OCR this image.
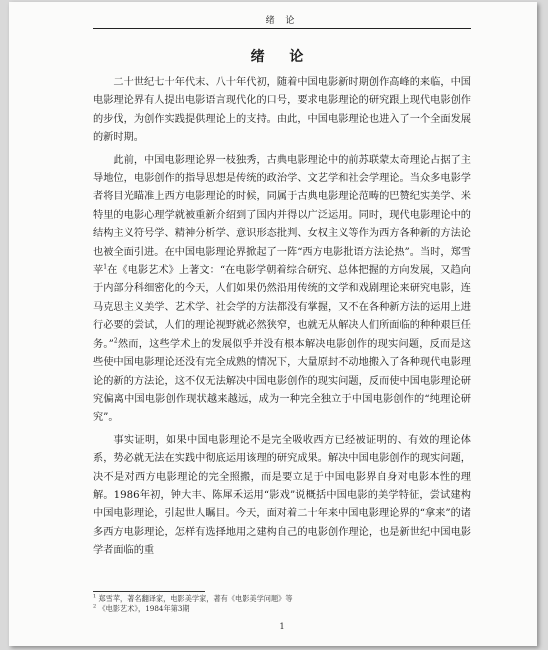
绪 论
绪 论

二十世纪七十年代末、八十年代初，随着中国电影新时期创作高峰的来临，中国电影理论界有人提出电影语言现代化的口号，要求电影理论的研究跟上现代电影创作的步伐，为创作实践提供理论上的支持。由此，中国电影理论也进入了一个全面发展的新时期。

此前，中国电影理论界一枝独秀，古典电影理论中的前苏联蒙太奇理论占据了主导地位，电影创作的指导思想是传统的政治学、文艺学和社会学理论。当众多电影学者将目光瞄准上西方电影理论的时候，同属于古典电影理论范畴的巴赞纪实美学、米特里的电影心理学就被重新介绍到了国内并得以广泛运用。同时，现代电影理论中的结构主义符号学、精神分析学、意识形态批判、女权主义等作为西方各种新的方法论也被全面引进。在中国电影理论界掀起了一阵“西方电影批语方法论热”。当时，郑雪苹$^1$在《电影艺术》上著文：“在电影学朝着综合研究、总体把握的方向发展，又趋向于内部分科细密化的今天，人们如果仍然沿用传统的文学和戏剧理论来研究电影，连马克思主义美学、艺术学、社会学的方法都没有掌握，又不在各种新方法的运用上进行必要的尝试，人们的理论视野就必然狭窄，也就无从解决人们所面临的种种艰巨任务。”$^2$然而，这些学术上的发展似乎并没有根本解决电影创作的现实问题，反而是这些使中国电影理论还没有完全成熟的情况下，大量原封不动地搬入了各种现代电影理论的新的方法论，这不仅无法解决中国电影创作的现实问题，反而使中国电影理论研究偏离中国电影创作现状越来越远，成为一种完全独立于中国电影创作的“纯理论研究”。

事实证明，如果中国电影理论不是完全吸收西方已经被证明的、有效的理论体系，势必就无法在实践中彻底运用该理的研究成果。解决中国电影创作的现实问题，决不是对西方电影理论的完全照搬，而是要立足于中国电影界自身对电影本性的理解。1986年初，钟大丰、陈犀禾运用“影戏”说概括中国电影的美学特征，尝试建构中国电影理论，引起世人瞩目。今天，面对着二十年来中国电影理论界的“拿来”的诸多西方电影理论，怎样有选择地用之建构自己的电影创作理论，也是新世纪中国电影学者面临的重

$^1$ 郑雪苹，著名翻译家，电影美学家，著有《电影美学问题》等
$^2$ 《电影艺术》，1984年第3期
1
